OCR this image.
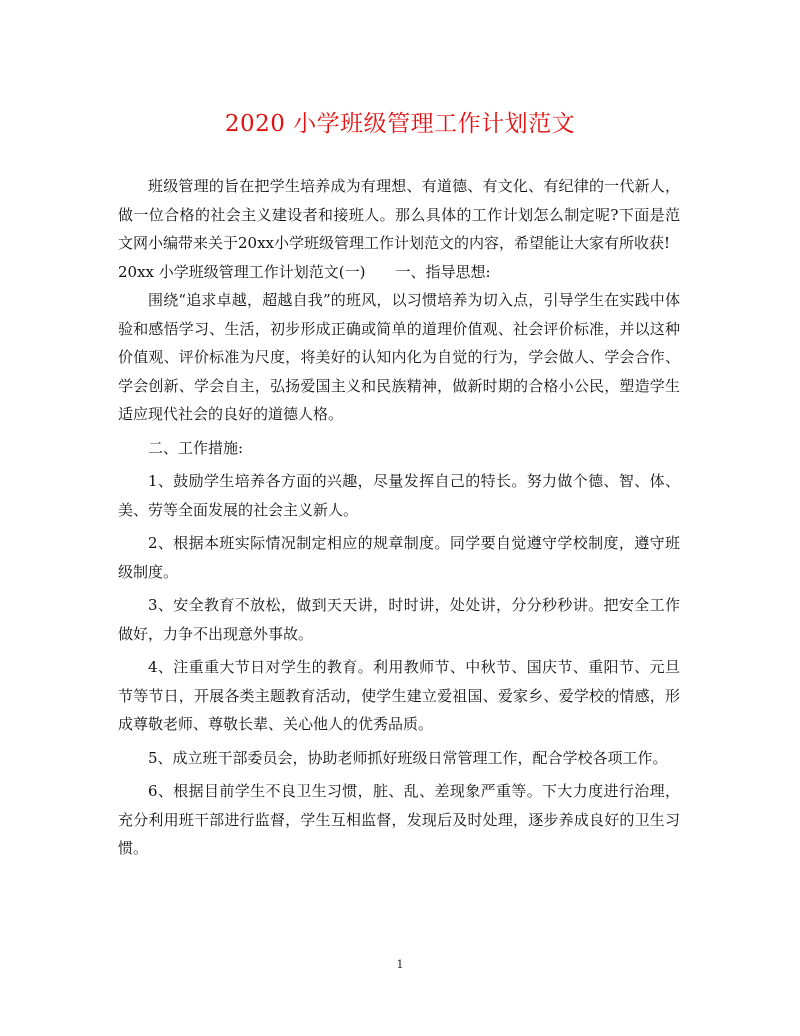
2020 小学班级管理工作计划范文

班级管理的旨在把学生培养成为有理想、有道德、有文化、有纪律的一代新人，做一位合格的社会主义建设者和接班人。那么具体的工作计划怎么制定呢?下面是范文网小编带来关于20xx小学班级管理工作计划范文的内容，希望能让大家有所收获!

20xx 小学班级管理工作计划范文(一)　　一、指导思想:

围绕“追求卓越，超越自我”的班风，以习惯培养为切入点，引导学生在实践中体验和感悟学习、生活，初步形成正确或简单的道理价值观、社会评价标准，并以这种价值观、评价标准为尺度，将美好的认知内化为自觉的行为，学会做人、学会合作、学会创新、学会自主，弘扬爱国主义和民族精神，做新时期的合格小公民，塑造学生适应现代社会的良好的道德人格。

二、工作措施:

1、鼓励学生培养各方面的兴趣，尽量发挥自己的特长。努力做个德、智、体、美、劳等全面发展的社会主义新人。

2、根据本班实际情况制定相应的规章制度。同学要自觉遵守学校制度，遵守班级制度。

3、安全教育不放松，做到天天讲，时时讲，处处讲，分分秒秒讲。把安全工作做好，力争不出现意外事故。

4、注重重大节日对学生的教育。利用教师节、中秋节、国庆节、重阳节、元旦节等节日，开展各类主题教育活动，使学生建立爱祖国、爱家乡、爱学校的情感，形成尊敬老师、尊敬长辈、关心他人的优秀品质。

5、成立班干部委员会，协助老师抓好班级日常管理工作，配合学校各项工作。

6、根据目前学生不良卫生习惯，脏、乱、差现象严重等。下大力度进行治理，充分利用班干部进行监督，学生互相监督，发现后及时处理，逐步养成良好的卫生习惯。

1
